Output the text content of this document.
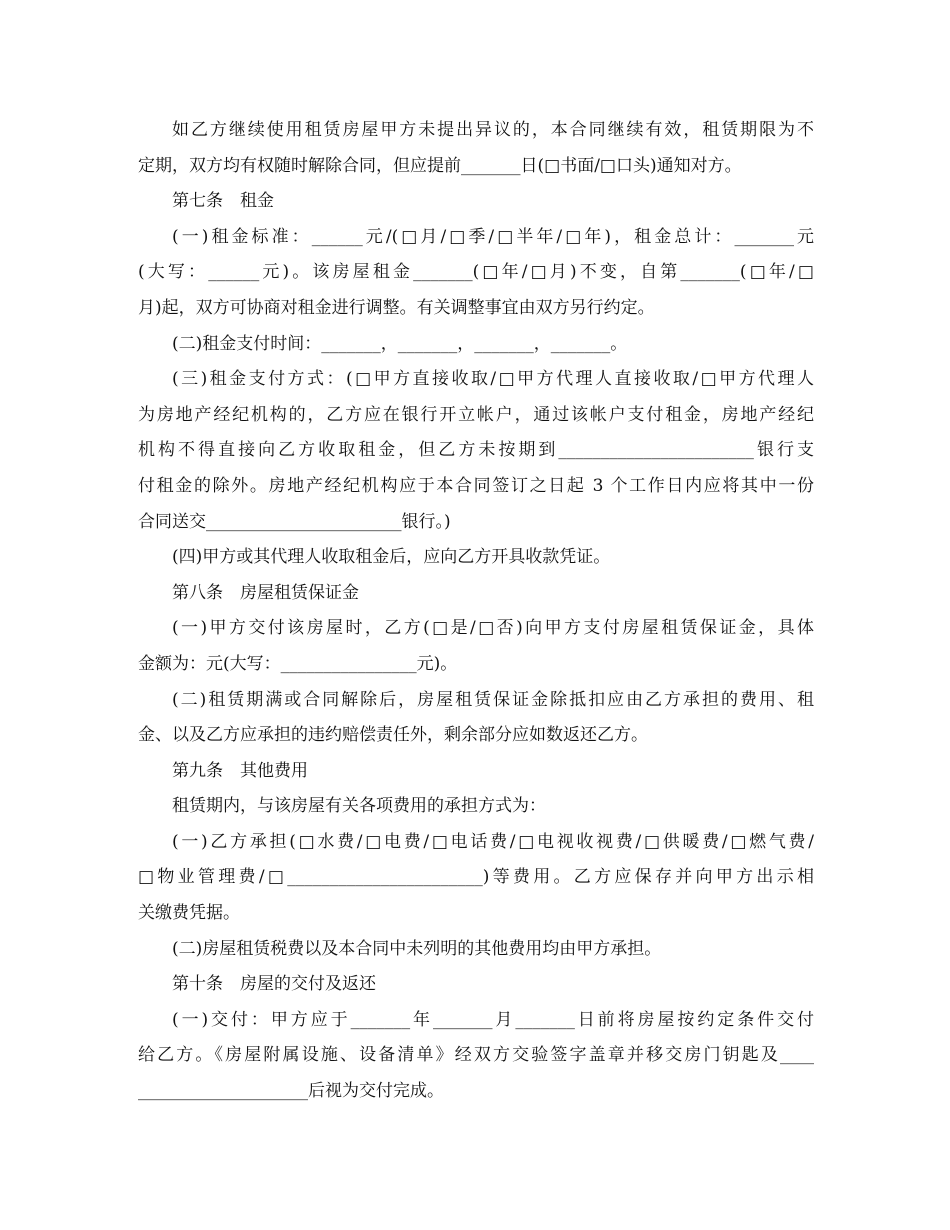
如乙方继续使用租赁房屋甲方未提出异议的，本合同继续有效，租赁期限为不
定期，双方均有权随时解除合同，但应提前_______日(□书面/□口头)通知对方。
第七条　租金
(一)租金标准：______元/(□月/□季/□半年/□年)，租金总计：_______元
(大写：______元)。该房屋租金_______(□年/□月)不变，自第_______(□年/□
月)起，双方可协商对租金进行调整。有关调整事宜由双方另行约定。
(二)租金支付时间：_______，_______，_______，_______。
(三)租金支付方式：(□甲方直接收取/□甲方代理人直接收取/□甲方代理人
为房地产经纪机构的，乙方应在银行开立帐户，通过该帐户支付租金，房地产经纪
机构不得直接向乙方收取租金，但乙方未按期到_______________________银行支
付租金的除外。房地产经纪机构应于本合同签订之日起 3 个工作日内应将其中一份
合同送交_______________________银行。)
(四)甲方或其代理人收取租金后，应向乙方开具收款凭证。
第八条　房屋租赁保证金
(一)甲方交付该房屋时，乙方(□是/□否)向甲方支付房屋租赁保证金，具体
金额为：元(大写：________________元)。
(二)租赁期满或合同解除后，房屋租赁保证金除抵扣应由乙方承担的费用、租
金、以及乙方应承担的违约赔偿责任外，剩余部分应如数返还乙方。
第九条　其他费用
租赁期内，与该房屋有关各项费用的承担方式为：
(一)乙方承担(□水费/□电费/□电话费/□电视收视费/□供暖费/□燃气费/
□物业管理费/□_______________________)等费用。乙方应保存并向甲方出示相
关缴费凭据。
(二)房屋租赁税费以及本合同中未列明的其他费用均由甲方承担。
第十条　房屋的交付及返还
(一)交付：甲方应于_______年_______月_______日前将房屋按约定条件交付
给乙方。《房屋附属设施、设备清单》经双方交验签字盖章并移交房门钥匙及____
____________________后视为交付完成。
